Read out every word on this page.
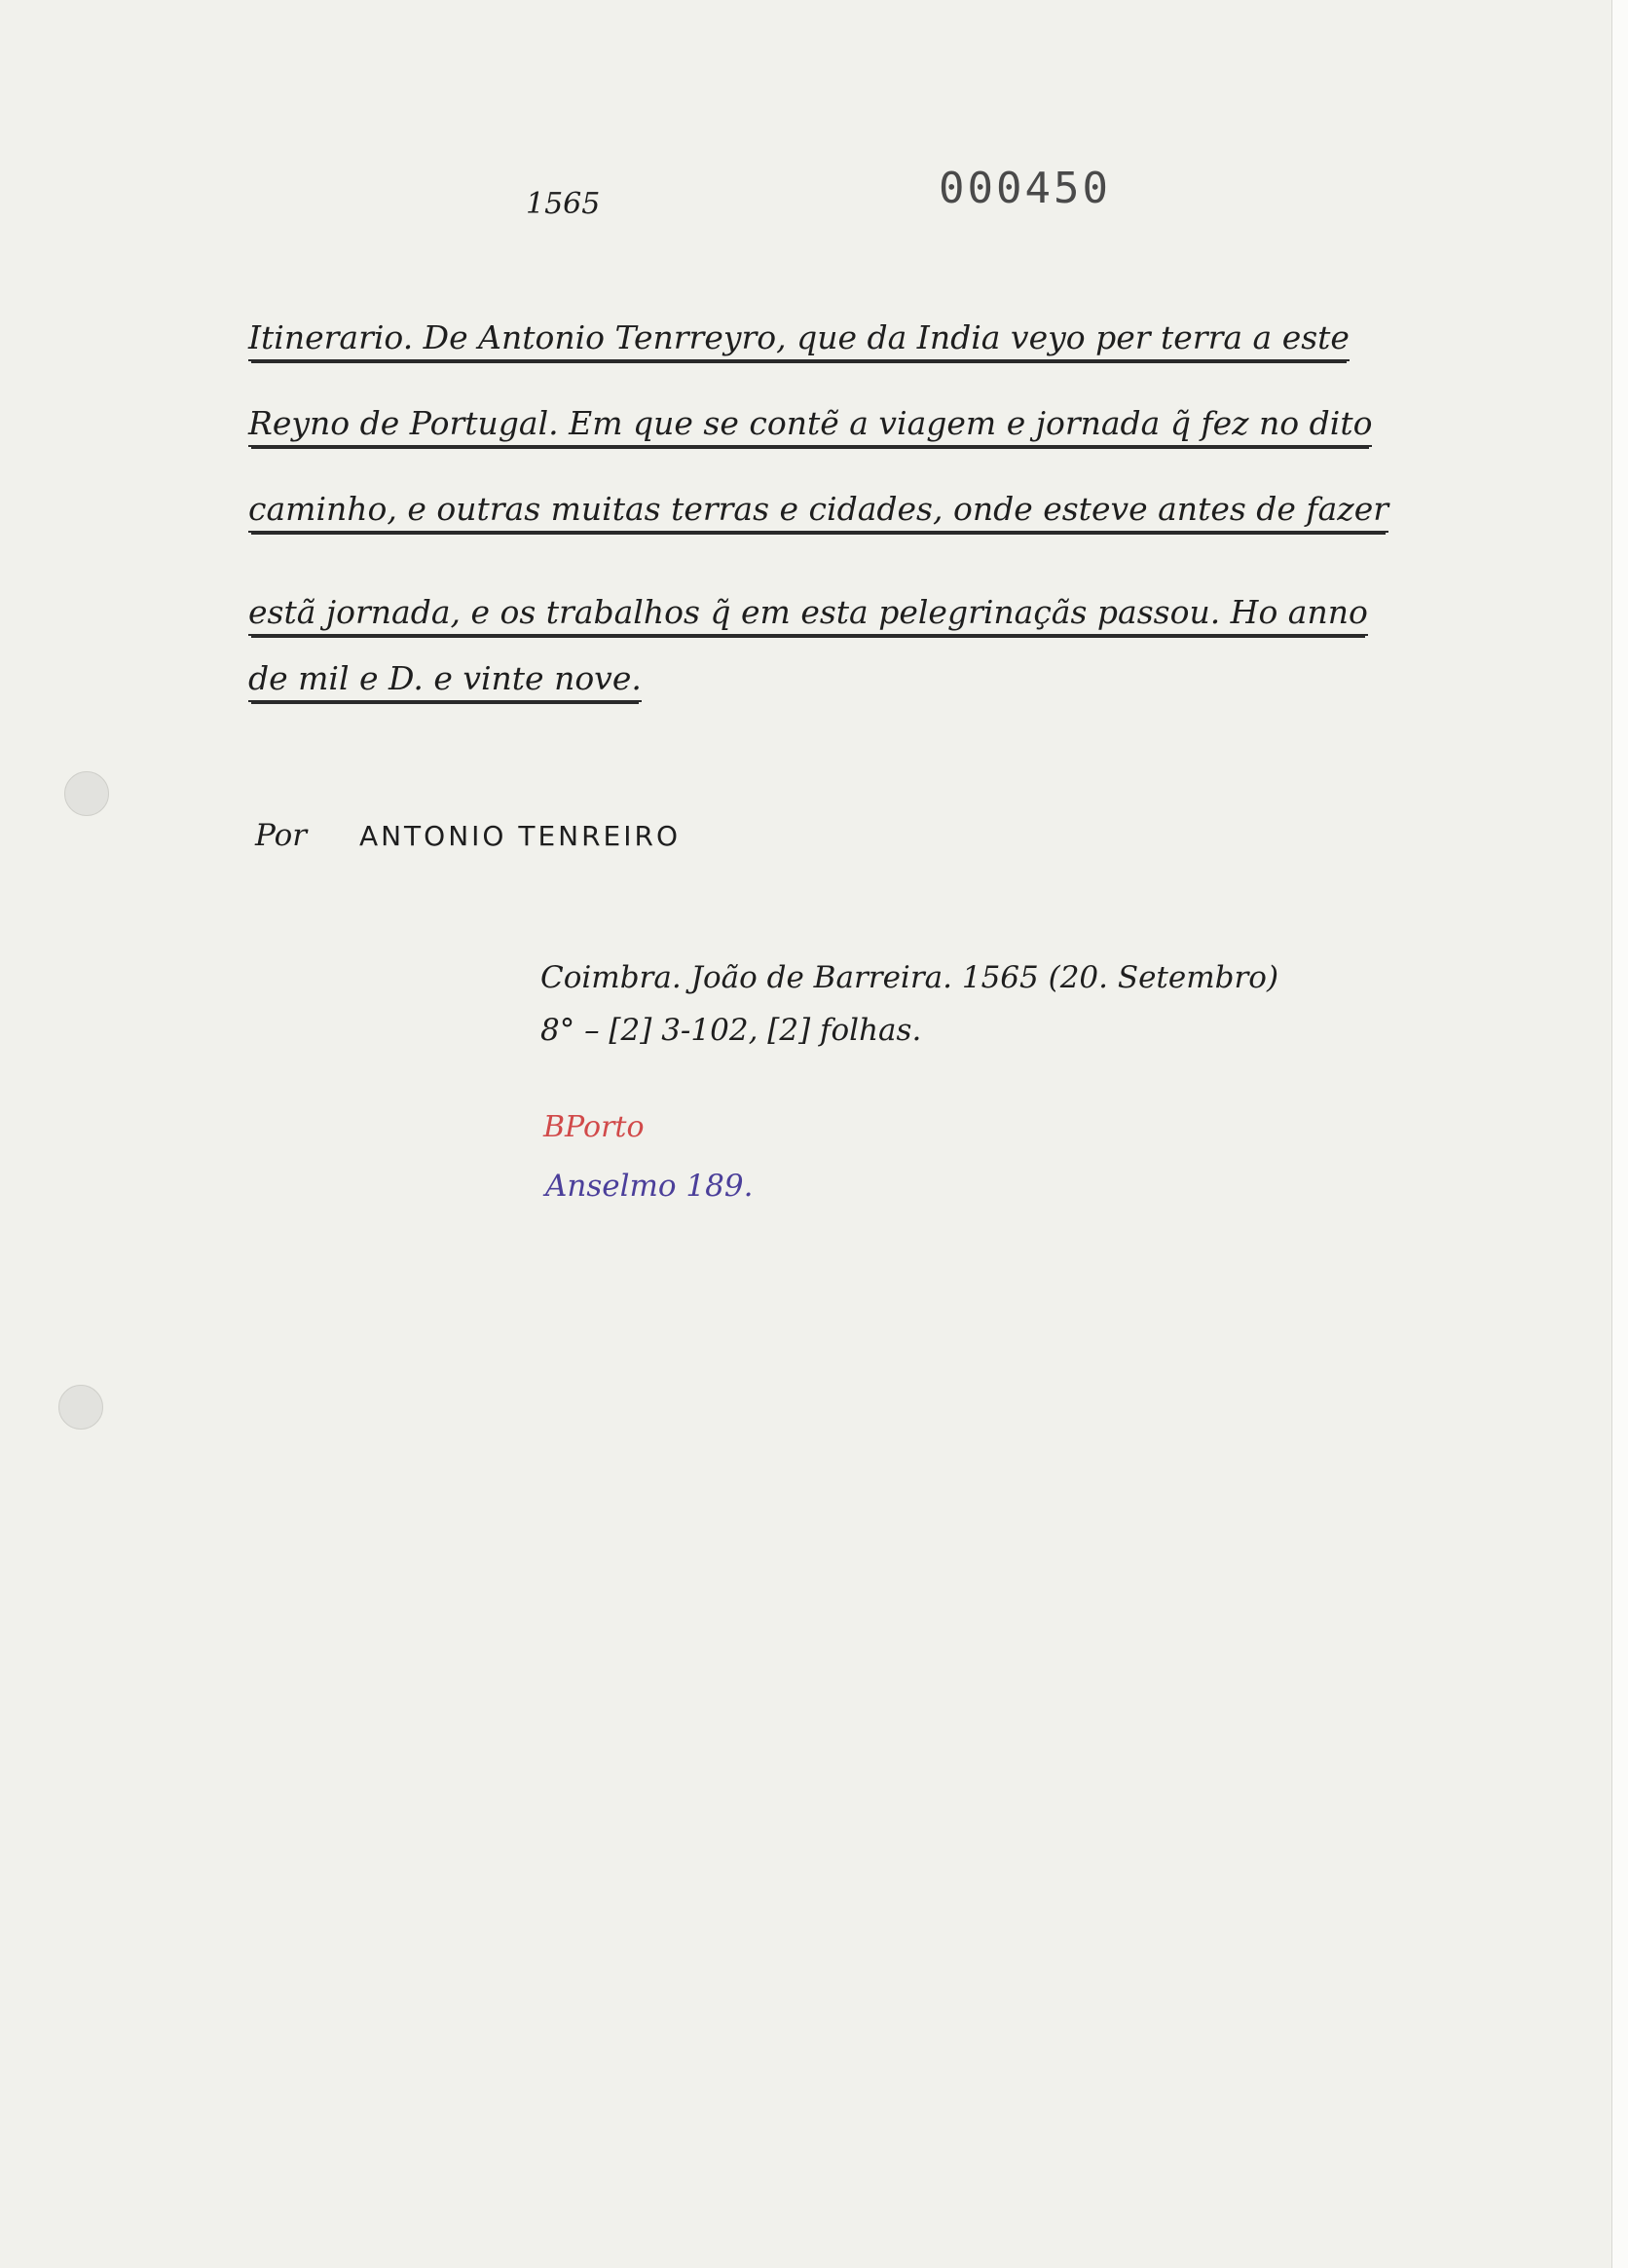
1565	000450
Itinerario. De Antonio Tenrreyro, que da India veyo per terra a este
Reyno de Portugal. Em que se contẽ a viagem e jornada q̃ fez no dito
caminho, e outras muitas terras e cidades, onde esteve antes de fazer
estã jornada, e os trabalhos q̃ em esta pelegrinaçãs passou. Ho anno
de mil e D. e vinte nove.
Por ANTONIO TENREIRO
Coimbra. João de Barreira. 1565 (20. Setembro)
8° – [2] 3-102, [2] folhas.
BPorto
Anselmo 189.
